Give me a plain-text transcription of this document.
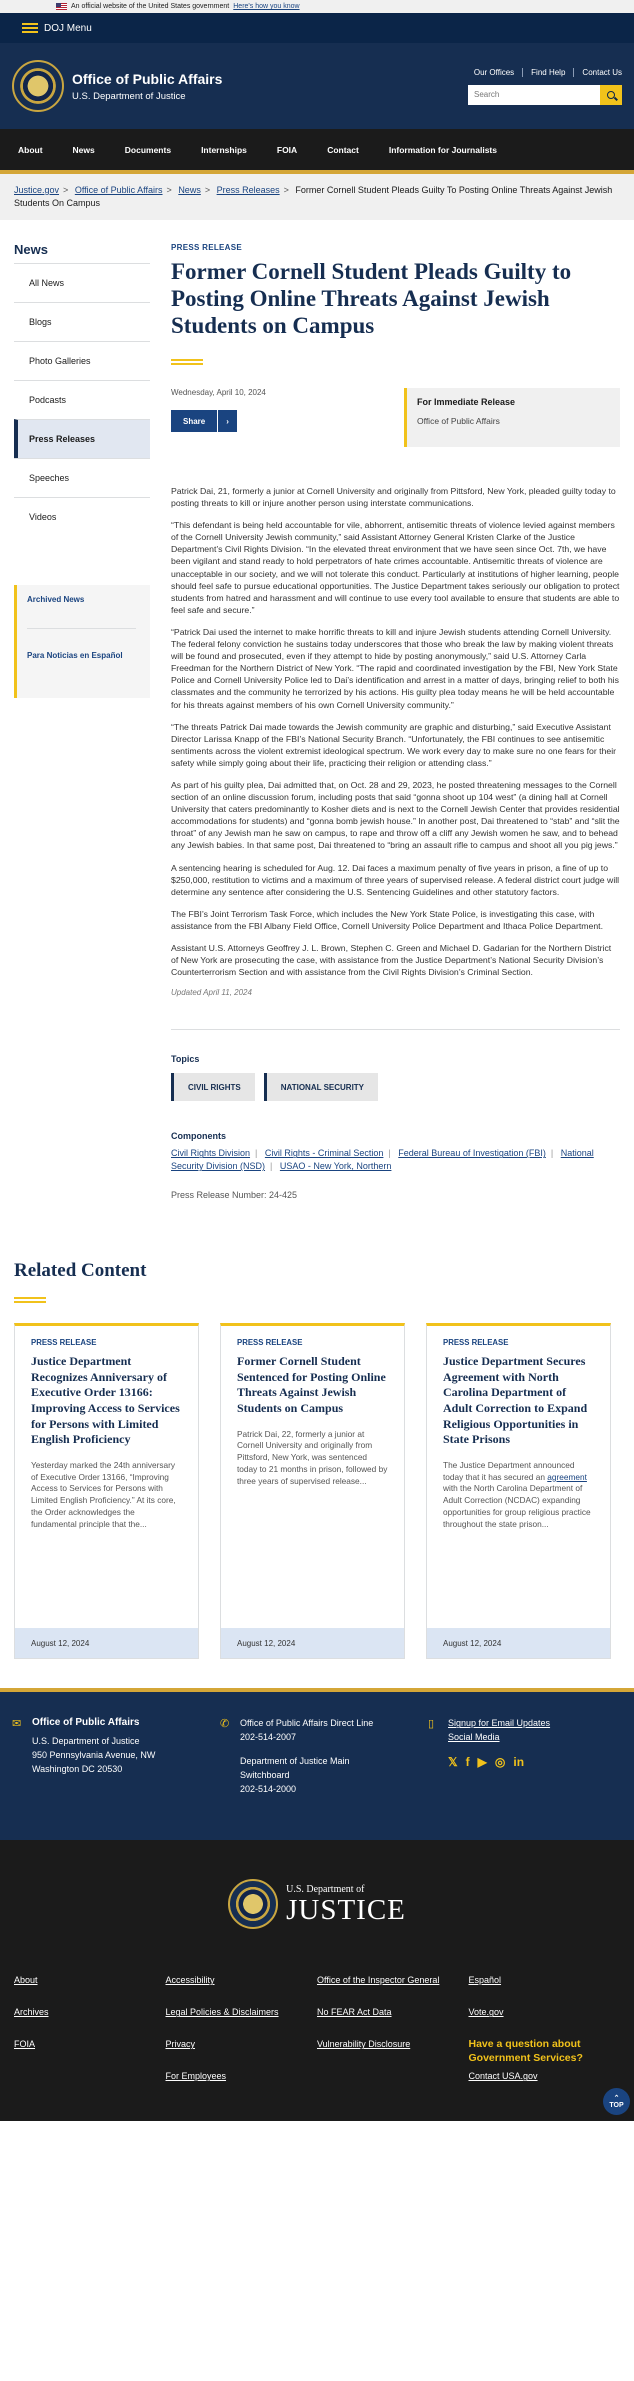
An official website of the United States government Here's how you know
DOJ Menu
Office of Public Affairs
U.S. Department of Justice
Our Offices	Find Help	Contact Us
Search
About	News	Documents	Internships	FOIA	Contact	Information for Journalists
Justice.gov > Office of Public Affairs > News > Press Releases > Former Cornell Student Pleads Guilty To Posting Online Threats Against Jewish Students On Campus
News
All News
Blogs
Photo Galleries
Podcasts
Press Releases
Speeches
Videos
Archived News
Para Noticias en Español
PRESS RELEASE
Former Cornell Student Pleads Guilty to Posting Online Threats Against Jewish Students on Campus
Wednesday, April 10, 2024
Share	›
For Immediate Release
Office of Public Affairs

Patrick Dai, 21, formerly a junior at Cornell University and originally from Pittsford, New York, pleaded guilty today to posting threats to kill or injure another person using interstate communications.

“This defendant is being held accountable for vile, abhorrent, antisemitic threats of violence levied against members of the Cornell University Jewish community,” said Assistant Attorney General Kristen Clarke of the Justice Department’s Civil Rights Division. “In the elevated threat environment that we have seen since Oct. 7th, we have been vigilant and stand ready to hold perpetrators of hate crimes accountable. Antisemitic threats of violence are unacceptable in our society, and we will not tolerate this conduct. Particularly at institutions of higher learning, people should feel safe to pursue educational opportunities. The Justice Department takes seriously our obligation to protect students from hatred and harassment and will continue to use every tool available to ensure that students are able to feel safe and secure.”

“Patrick Dai used the internet to make horrific threats to kill and injure Jewish students attending Cornell University. The federal felony conviction he sustains today underscores that those who break the law by making violent threats will be found and prosecuted, even if they attempt to hide by posting anonymously,” said U.S. Attorney Carla Freedman for the Northern District of New York. “The rapid and coordinated investigation by the FBI, New York State Police and Cornell University Police led to Dai’s identification and arrest in a matter of days, bringing relief to both his classmates and the community he terrorized by his actions. His guilty plea today means he will be held accountable for his threats against members of his own Cornell University community.”

“The threats Patrick Dai made towards the Jewish community are graphic and disturbing,” said Executive Assistant Director Larissa Knapp of the FBI’s National Security Branch. “Unfortunately, the FBI continues to see antisemitic sentiments across the violent extremist ideological spectrum. We work every day to make sure no one fears for their safety while simply going about their life, practicing their religion or attending class.”

As part of his guilty plea, Dai admitted that, on Oct. 28 and 29, 2023, he posted threatening messages to the Cornell section of an online discussion forum, including posts that said “gonna shoot up 104 west” (a dining hall at Cornell University that caters predominantly to Kosher diets and is next to the Cornell Jewish Center that provides residential accommodations for students) and “gonna bomb jewish house.” In another post, Dai threatened to “stab” and “slit the throat” of any Jewish man he saw on campus, to rape and throw off a cliff any Jewish women he saw, and to behead any Jewish babies. In that same post, Dai threatened to “bring an assault rifle to campus and shoot all you pig jews.”

A sentencing hearing is scheduled for Aug. 12. Dai faces a maximum penalty of five years in prison, a fine of up to $250,000, restitution to victims and a maximum of three years of supervised release. A federal district court judge will determine any sentence after considering the U.S. Sentencing Guidelines and other statutory factors.

The FBI’s Joint Terrorism Task Force, which includes the New York State Police, is investigating this case, with assistance from the FBI Albany Field Office, Cornell University Police Department and Ithaca Police Department.

Assistant U.S. Attorneys Geoffrey J. L. Brown, Stephen C. Green and Michael D. Gadarian for the Northern District of New York are prosecuting the case, with assistance from the Justice Department’s National Security Division’s Counterterrorism Section and with assistance from the Civil Rights Division’s Criminal Section.

Updated April 11, 2024
Topics
CIVIL RIGHTS	NATIONAL SECURITY
Components
Civil Rights Division | Civil Rights - Criminal Section | Federal Bureau of Investigation (FBI) | National Security Division (NSD) | USAO - New York, Northern
Press Release Number: 24-425
Related Content
PRESS RELEASE
Justice Department Recognizes Anniversary of Executive Order 13166: Improving Access to Services for Persons with Limited English Proficiency
Yesterday marked the 24th anniversary of Executive Order 13166, “Improving Access to Services for Persons with Limited English Proficiency.” At its core, the Order acknowledges the fundamental principle that the...
August 12, 2024
PRESS RELEASE
Former Cornell Student Sentenced for Posting Online Threats Against Jewish Students on Campus
Patrick Dai, 22, formerly a junior at Cornell University and originally from Pittsford, New York, was sentenced today to 21 months in prison, followed by three years of supervised release...
August 12, 2024
PRESS RELEASE
Justice Department Secures Agreement with North Carolina Department of Adult Correction to Expand Religious Opportunities in State Prisons
The Justice Department announced today that it has secured an agreement with the North Carolina Department of Adult Correction (NCDAC) expanding opportunities for group religious practice throughout the state prison...
August 12, 2024
✉ Office of Public Affairs
U.S. Department of Justice
950 Pennsylvania Avenue, NW
Washington DC 20530
✆	Office of Public Affairs Direct Line
202-514-2007
Department of Justice Main Switchboard
202-514-2000
▯	Signup for Email Updates
Social Media
𝕏 f ▶ ◎ in
U.S. Department of
JUSTICE
About
Archives
FOIA
Accessibility
Legal Policies & Disclaimers
Privacy
For Employees
Office of the Inspector General
No FEAR Act Data
Vulnerability Disclosure
Español
Vote.gov
Have a question about Government Services?
Contact USA.gov
⌃
TOP
